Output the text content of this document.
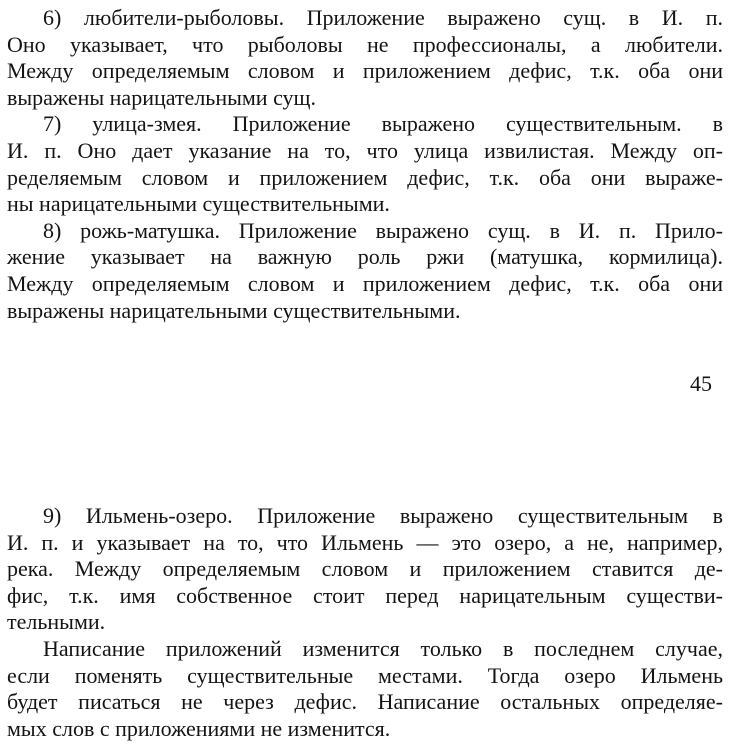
6) любители-рыболовы. Приложение выражено сущ. в И. п.
Оно указывает, что рыболовы не профессионалы, а любители.
Между определяемым словом и приложением дефис, т.к. оба они
выражены нарицательными сущ.
7) улица-змея. Приложение выражено существительным. в
И. п. Оно дает указание на то, что улица извилистая. Между оп-
ределяемым словом и приложением дефис, т.к. оба они выраже-
ны нарицательными существительными.
8) рожь-матушка. Приложение выражено сущ. в И. п. Прило-
жение указывает на важную роль ржи (матушка, кормилица).
Между определяемым словом и приложением дефис, т.к. оба они
выражены нарицательными существительными.
45
9) Ильмень-озеро. Приложение выражено существительным в
И. п. и указывает на то, что Ильмень — это озеро, а не, например,
река. Между определяемым словом и приложением ставится де-
фис, т.к. имя собственное стоит перед нарицательным существи-
тельными.
Написание приложений изменится только в последнем случае,
если поменять существительные местами. Тогда озеро Ильмень
будет писаться не через дефис. Написание остальных определяе-
мых слов с приложениями не изменится.
